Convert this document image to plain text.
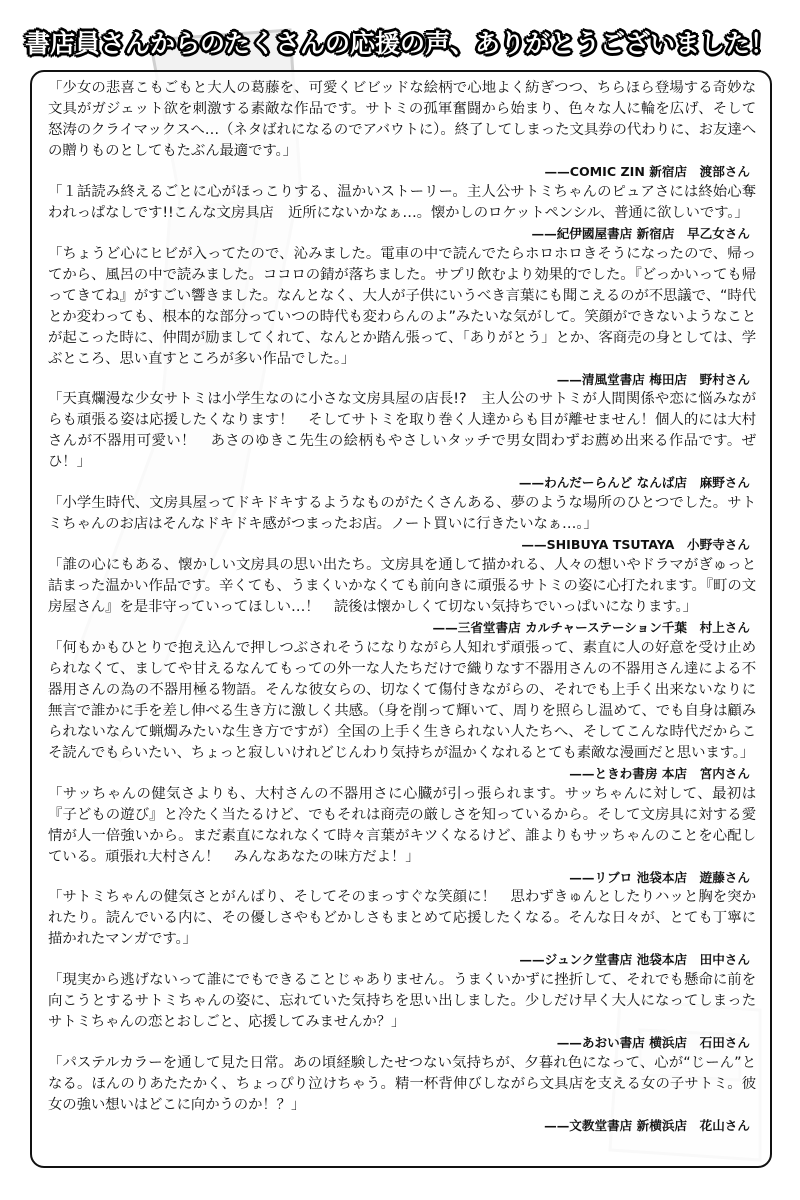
書店員さんからのたくさんの応援の声、ありがとうございました！

「少女の悲喜こもごもと大人の葛藤を、可愛くビビッドな絵柄で心地よく紡ぎつつ、ちらほら登場する奇妙な文具がガジェット欲を刺激する素敵な作品です。サトミの孤軍奮闘から始まり、色々な人に輪を広げ、そして怒涛のクライマックスへ…（ネタばれになるのでアバウトに）。終了してしまった文具券の代わりに、お友達への贈りものとしてもたぶん最適です。」

——COMIC ZIN 新宿店　渡部さん

「１話読み終えるごとに心がほっこりする、温かいストーリー。主人公サトミちゃんのピュアさには終始心奪われっぱなしです!!こんな文房具店　近所にないかなぁ…。懐かしのロケットペンシル、普通に欲しいです。」

——紀伊國屋書店 新宿店　早乙女さん

「ちょうど心にヒビが入ってたので、沁みました。電車の中で読んでたらホロホロきそうになったので、帰ってから、風呂の中で読みました。ココロの錆が落ちました。サプリ飲むより効果的でした。『どっかいっても帰ってきてね』がすごい響きました。なんとなく、大人が子供にいうべき言葉にも聞こえるのが不思議で、“時代とか変わっても、根本的な部分っていつの時代も変わらんのよ”みたいな気がして。笑顔ができないようなことが起こった時に、仲間が励ましてくれて、なんとか踏ん張って、「ありがとう」とか、客商売の身としては、学ぶところ、思い直すところが多い作品でした。」

——清風堂書店 梅田店　野村さん

「天真爛漫な少女サトミは小学生なのに小さな文房具屋の店長!?　主人公のサトミが人間関係や恋に悩みながらも頑張る姿は応援したくなります！　そしてサトミを取り巻く人達からも目が離せません！個人的には大村さんが不器用可愛い！　あさのゆきこ先生の絵柄もやさしいタッチで男女問わずお薦め出来る作品です。ぜひ！」

——わんだーらんど なんば店　麻野さん

「小学生時代、文房具屋ってドキドキするようなものがたくさんある、夢のような場所のひとつでした。サトミちゃんのお店はそんなドキドキ感がつまったお店。ノート買いに行きたいなぁ…。」

——SHIBUYA TSUTAYA　小野寺さん

「誰の心にもある、懐かしい文房具の思い出たち。文房具を通して描かれる、人々の想いやドラマがぎゅっと詰まった温かい作品です。辛くても、うまくいかなくても前向きに頑張るサトミの姿に心打たれます。『町の文房屋さん』を是非守っていってほしい…！　読後は懐かしくて切ない気持ちでいっぱいになります。」

——三省堂書店 カルチャーステーション千葉　村上さん

「何もかもひとりで抱え込んで押しつぶされそうになりながら人知れず頑張って、素直に人の好意を受け止められなくて、ましてや甘えるなんてもっての外一な人たちだけで織りなす不器用さんの不器用さん達による不器用さんの為の不器用極る物語。そんな彼女らの、切なくて傷付きながらの、それでも上手く出来ないなりに無言で誰かに手を差し伸べる生き方に激しく共感。（身を削って輝いて、周りを照らし温めて、でも自身は顧みられないなんて蝋燭みたいな生き方ですが）全国の上手く生きられない人たちへ、そしてこんな時代だからこそ読んでもらいたい、ちょっと寂しいけれどじんわり気持ちが温かくなれるとても素敵な漫画だと思います。」

——ときわ書房 本店　宮内さん

「サッちゃんの健気さよりも、大村さんの不器用さに心臓が引っ張られます。サッちゃんに対して、最初は『子どもの遊び』と冷たく当たるけど、でもそれは商売の厳しさを知っているから。そして文房具に対する愛情が人一倍強いから。まだ素直になれなくて時々言葉がキツくなるけど、誰よりもサッちゃんのことを心配している。頑張れ大村さん！　みんなあなたの味方だよ！」

——リブロ 池袋本店　遊藤さん

「サトミちゃんの健気さとがんばり、そしてそのまっすぐな笑顔に！　思わずきゅんとしたりハッと胸を突かれたり。読んでいる内に、その優しさやもどかしさもまとめて応援したくなる。そんな日々が、とても丁寧に描かれたマンガです。」

——ジュンク堂書店 池袋本店　田中さん

「現実から逃げないって誰にでもできることじゃありません。うまくいかずに挫折して、それでも懸命に前を向こうとするサトミちゃんの姿に、忘れていた気持ちを思い出しました。少しだけ早く大人になってしまったサトミちゃんの恋とおしごと、応援してみませんか？」

——あおい書店 横浜店　石田さん

「パステルカラーを通して見た日常。あの頃経験したせつない気持ちが、夕暮れ色になって、心が“じーん”となる。ほんのりあたたかく、ちょっぴり泣けちゃう。精一杯背伸びしながら文具店を支える女の子サトミ。彼女の強い想いはどこに向かうのか！？」

——文教堂書店 新横浜店　花山さん
